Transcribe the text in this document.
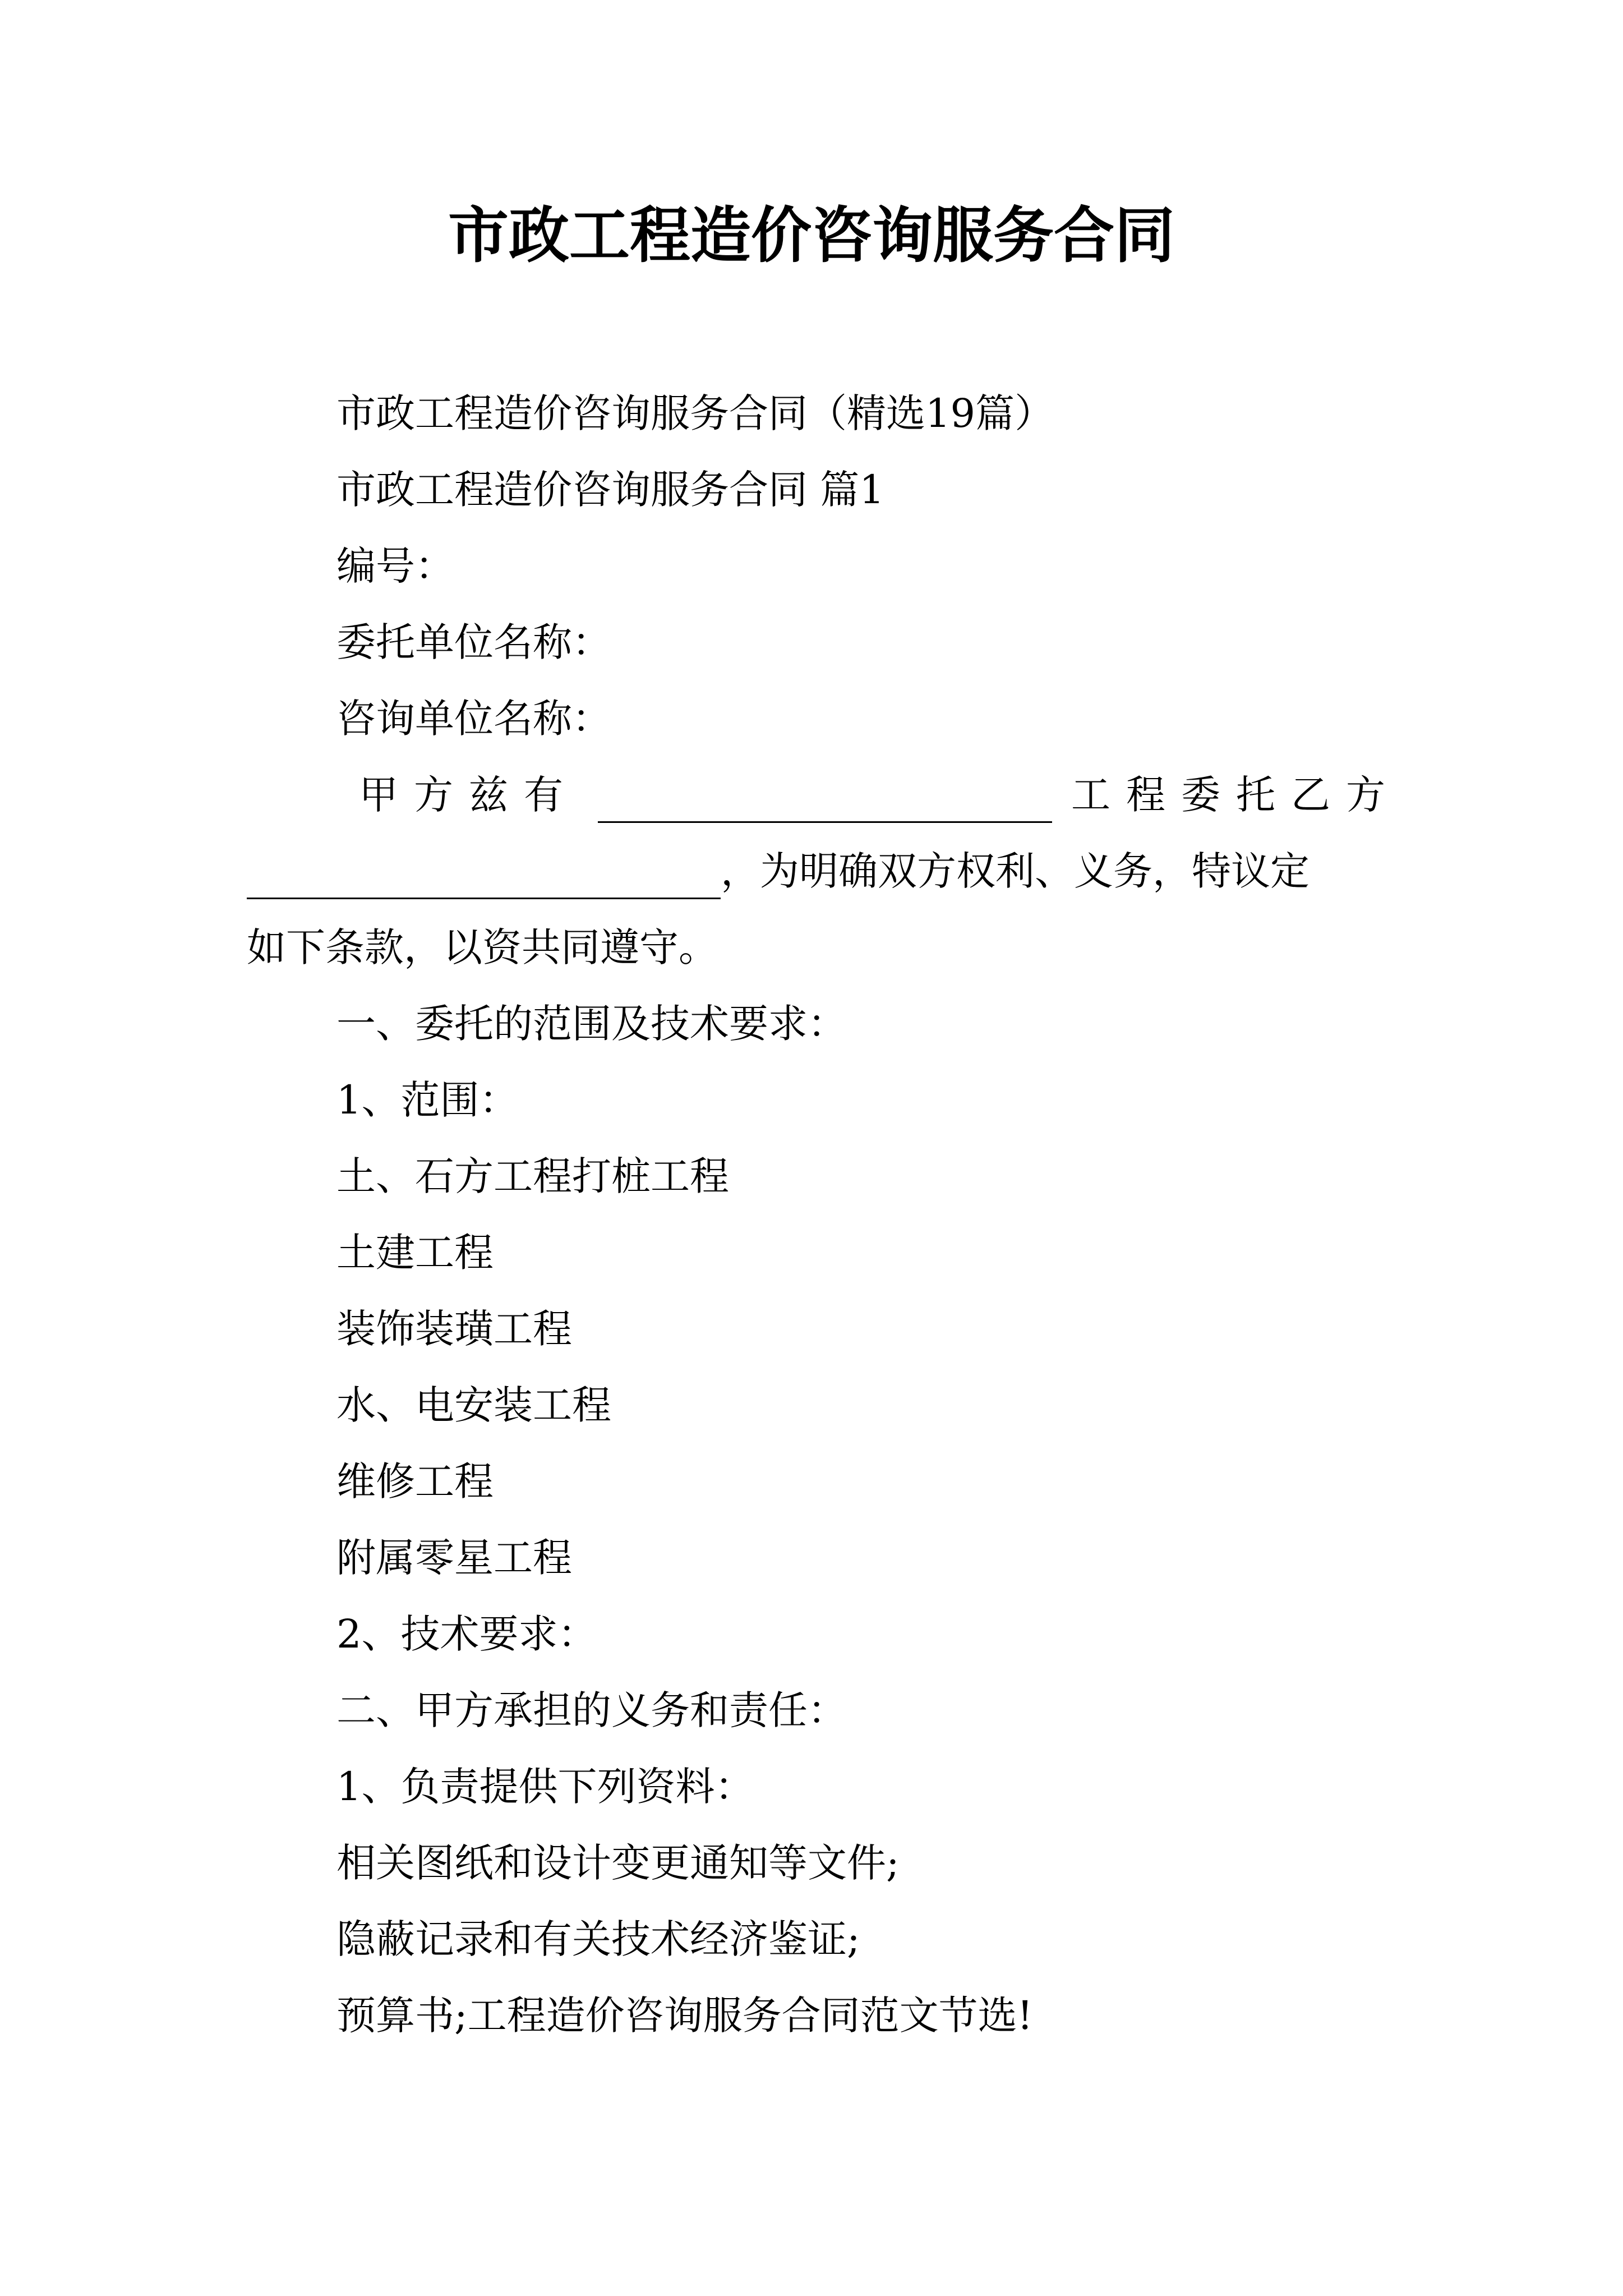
市政工程造价咨询服务合同
市政工程造价咨询服务合同（精选19篇）
市政工程造价咨询服务合同 篇1
编号：
委托单位名称：
咨询单位名称：
甲方兹有	工程委托乙方
，为明确双方权利、义务，特议定
如下条款，以资共同遵守。
一、委托的范围及技术要求：
1、范围：
土、石方工程打桩工程
土建工程
装饰装璜工程
水、电安装工程
维修工程
附属零星工程
2、技术要求：
二、甲方承担的义务和责任：
1、负责提供下列资料：
相关图纸和设计变更通知等文件;
隐蔽记录和有关技术经济鉴证;
预算书;工程造价咨询服务合同范文节选!
